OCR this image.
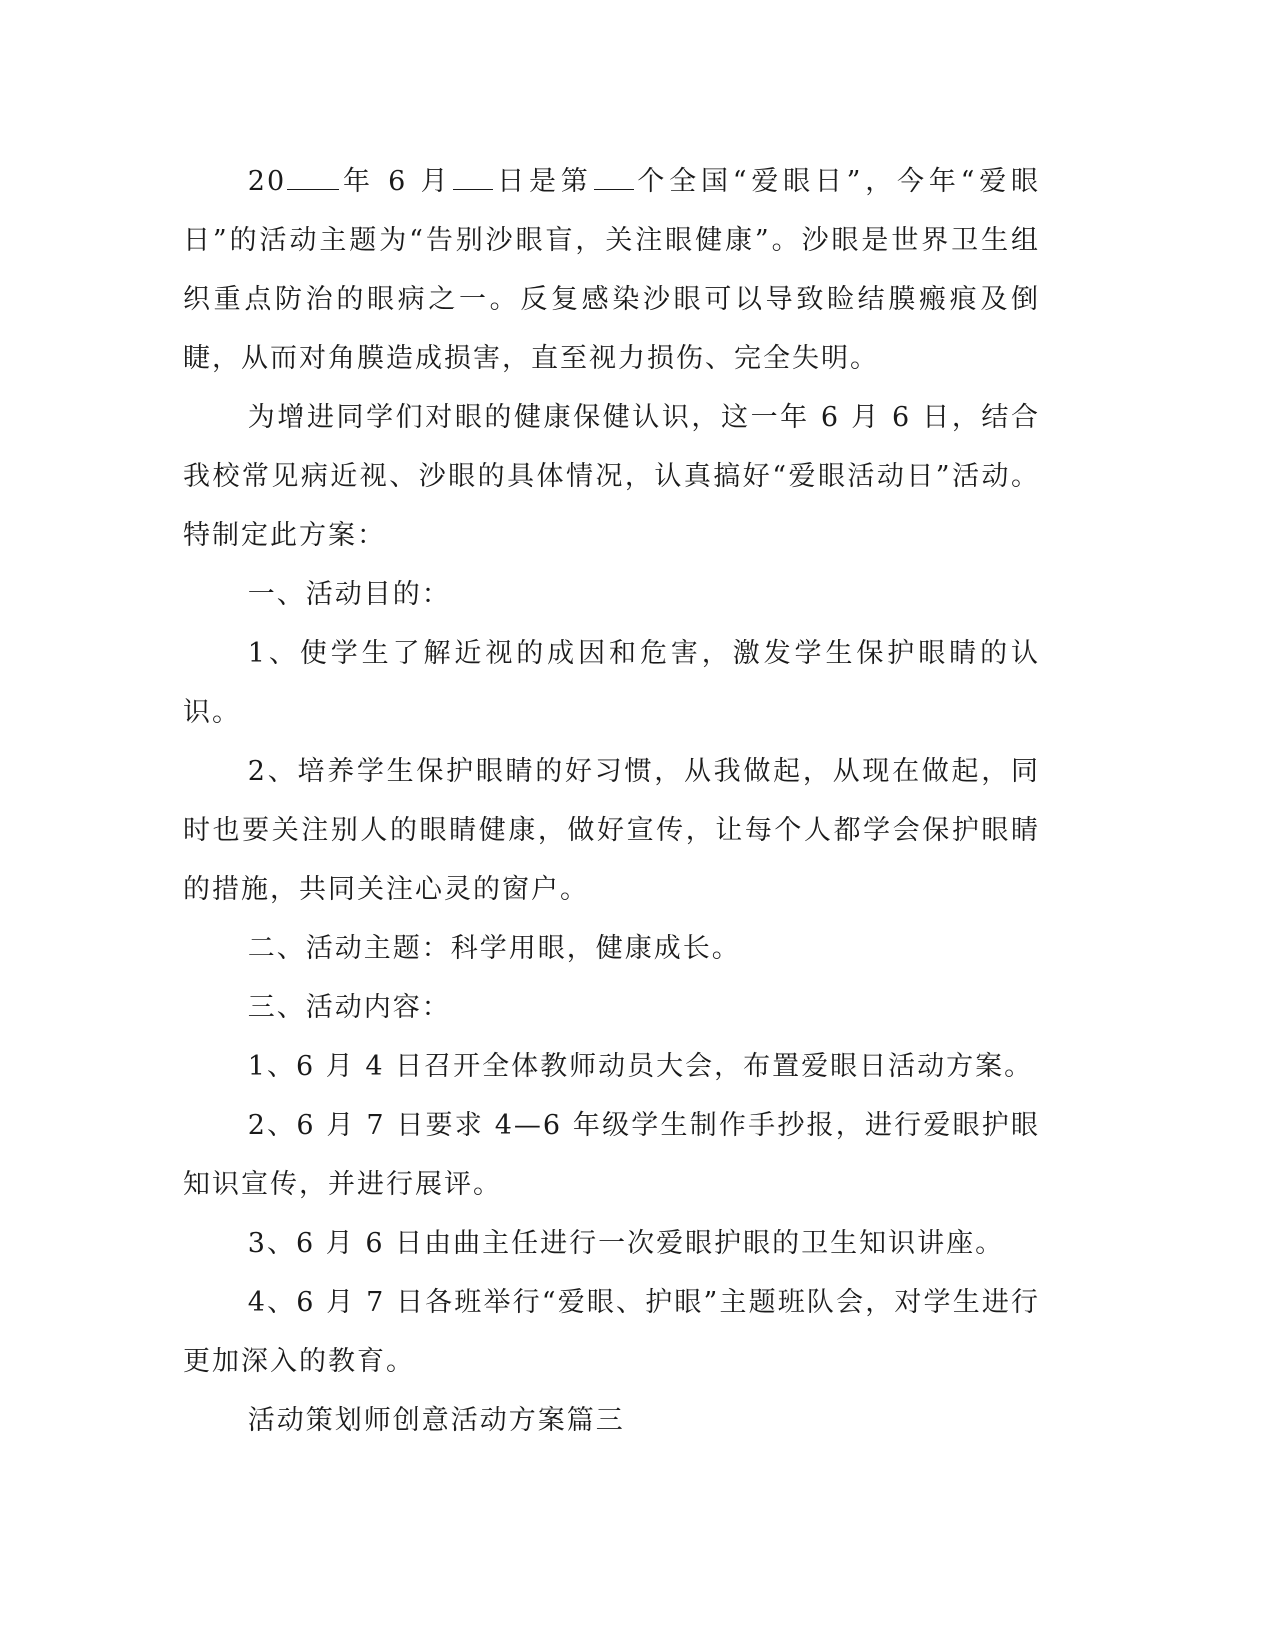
20 年 6 月 日是第 个全国“爱眼日”，今年“爱眼日”的活动主题为“告别沙眼盲，关注眼健康”。沙眼是世界卫生组织重点防治的眼病之一。反复感染沙眼可以导致睑结膜瘢痕及倒睫，从而对角膜造成损害，直至视力损伤、完全失明。

为增进同学们对眼的健康保健认识，这一年 6 月 6 日，结合我校常见病近视、沙眼的具体情况，认真搞好“爱眼活动日”活动。特制定此方案：

一、活动目的：

1、使学生了解近视的成因和危害，激发学生保护眼睛的认识。

2、培养学生保护眼睛的好习惯，从我做起，从现在做起，同时也要关注别人的眼睛健康，做好宣传，让每个人都学会保护眼睛的措施，共同关注心灵的窗户。

二、活动主题：科学用眼，健康成长。

三、活动内容：

1、6 月 4 日召开全体教师动员大会，布置爱眼日活动方案。

2、6 月 7 日要求 4—6 年级学生制作手抄报，进行爱眼护眼知识宣传，并进行展评。

3、6 月 6 日由曲主任进行一次爱眼护眼的卫生知识讲座。

4、6 月 7 日各班举行“爱眼、护眼”主题班队会，对学生进行更加深入的教育。

活动策划师创意活动方案篇三
